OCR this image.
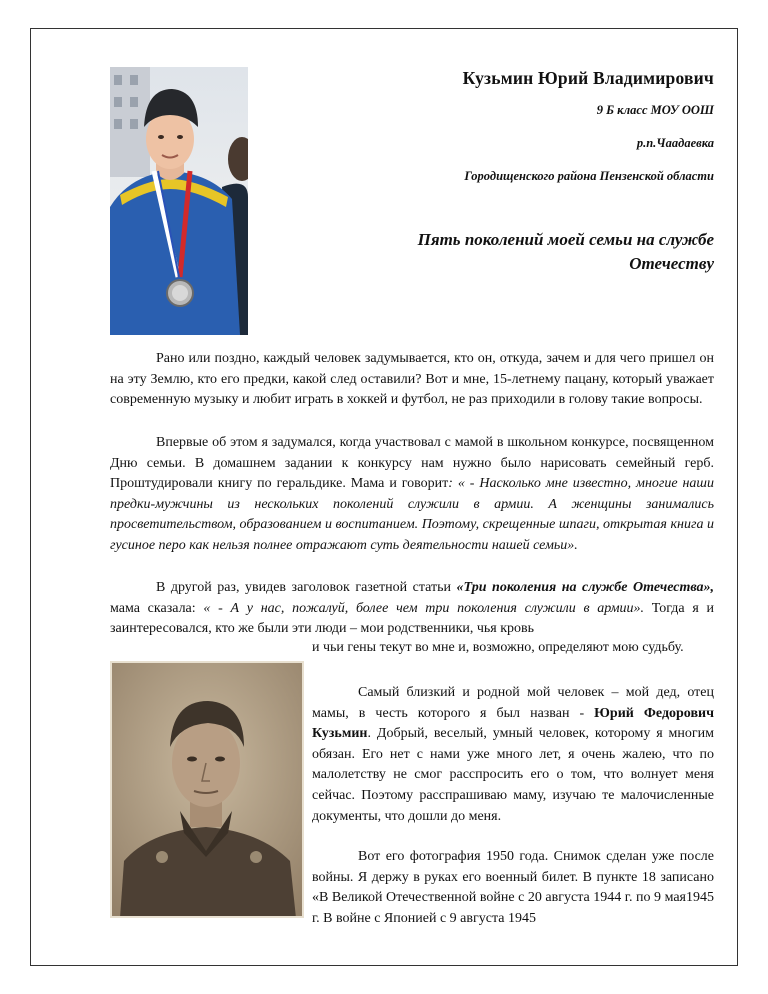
Кузьмин Юрий Владимирович
9 Б класс МОУ ООШ
р.п.Чаадаевка
Городищенского района Пензенской области
Пять поколений моей семьи на службе Отечеству

Рано или поздно, каждый человек задумывается, кто он, откуда, зачем и для чего пришел он на эту Землю, кто его предки, какой след оставили? Вот и мне, 15-летнему пацану, который уважает современную музыку и любит играть в хоккей и футбол, не раз приходили в голову такие вопросы.

Впервые об этом я задумался, когда участвовал с мамой в школьном конкурсе, посвященном Дню семьи. В домашнем задании к конкурсу нам нужно было нарисовать семейный герб. Проштудировали книгу по геральдике. Мама и говорит: « - Насколько мне известно, многие наши предки-мужчины из нескольких поколений служили в армии. А женщины занимались просветительством, образованием и воспитанием. Поэтому, скрещенные шпаги, открытая книга и гусиное перо как нельзя полнее отражают суть деятельности нашей семьи».

В другой раз, увидев заголовок газетной статьи «Три поколения на службе Отечества», мама сказала: « - А у нас, пожалуй, более чем три поколения служили в армии». Тогда я и заинтересовался, кто же были эти люди – мои родственники, чья кровь

и чьи гены текут во мне и, возможно, определяют мою судьбу.

Самый близкий и родной мой человек – мой дед, отец мамы, в честь которого я был назван - Юрий Федорович Кузьмин. Добрый, веселый, умный человек, которому я многим обязан. Его нет с нами уже много лет, я очень жалею, что по малолетству не смог расспросить его о том, что волнует меня сейчас. Поэтому расспрашиваю маму, изучаю те малочисленные документы, что дошли до меня.

Вот его фотография 1950 года. Снимок сделан уже после войны. Я держу в руках его военный билет. В пункте 18 записано «В Великой Отечественной войне с 20 августа 1944 г. по 9 мая1945 г. В войне с Японией с 9 августа 1945
